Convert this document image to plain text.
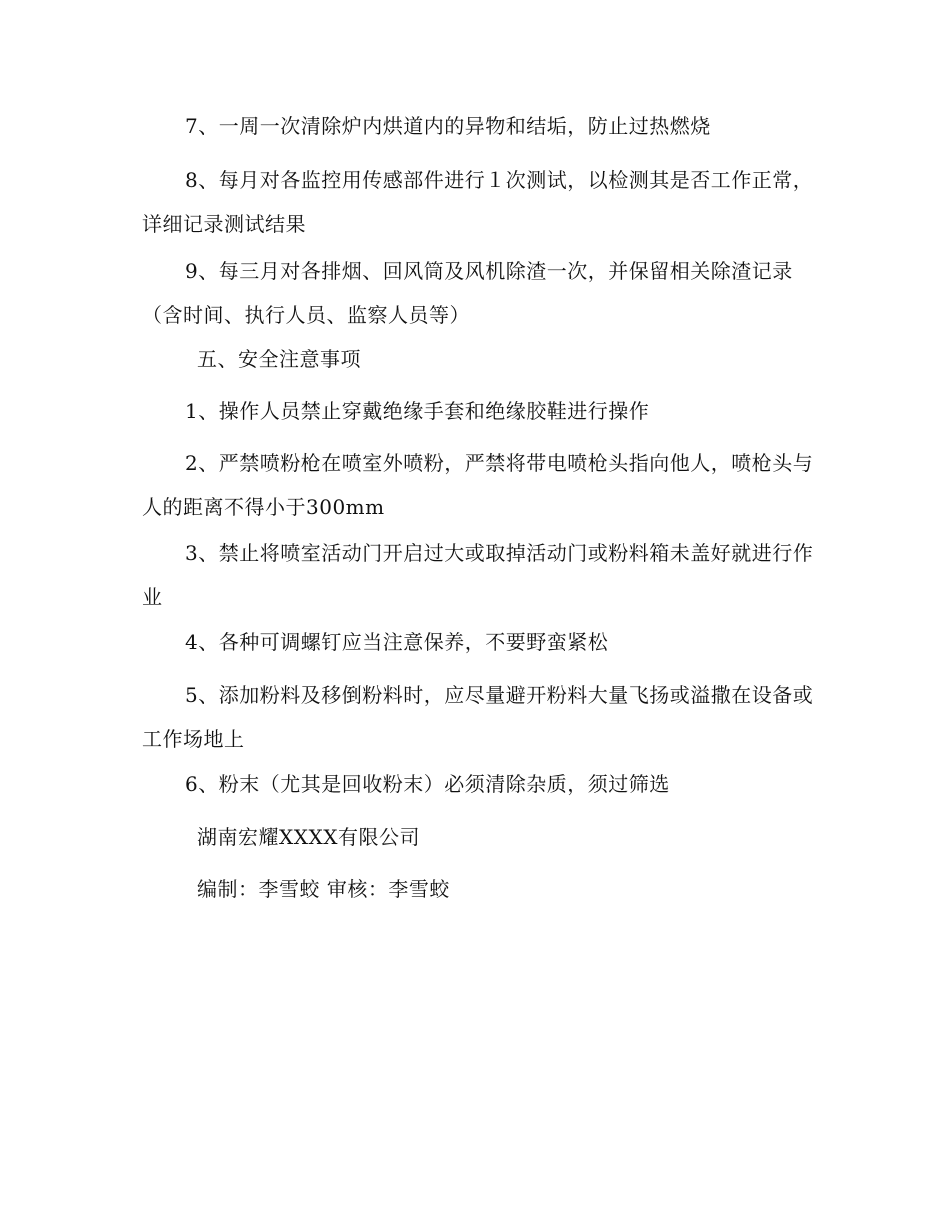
7、一周一次清除炉内烘道内的异物和结垢，防止过热燃烧

8、每月对各监控用传感部件进行１次测试，以检测其是否工作正常，详细记录测试结果

9、每三月对各排烟、回风筒及风机除渣一次，并保留相关除渣记录（含时间、执行人员、监察人员等）

五、安全注意事项

1、操作人员禁止穿戴绝缘手套和绝缘胶鞋进行操作

2、严禁喷粉枪在喷室外喷粉，严禁将带电喷枪头指向他人，喷枪头与人的距离不得小于300mm

3、禁止将喷室活动门开启过大或取掉活动门或粉料箱未盖好就进行作业

4、各种可调螺钉应当注意保养，不要野蛮紧松

5、添加粉料及移倒粉料时，应尽量避开粉料大量飞扬或溢撒在设备或工作场地上

6、粉末（尤其是回收粉末）必须清除杂质，须过筛选

湖南宏耀XXXX有限公司

编制：李雪蛟 审核：李雪蛟
